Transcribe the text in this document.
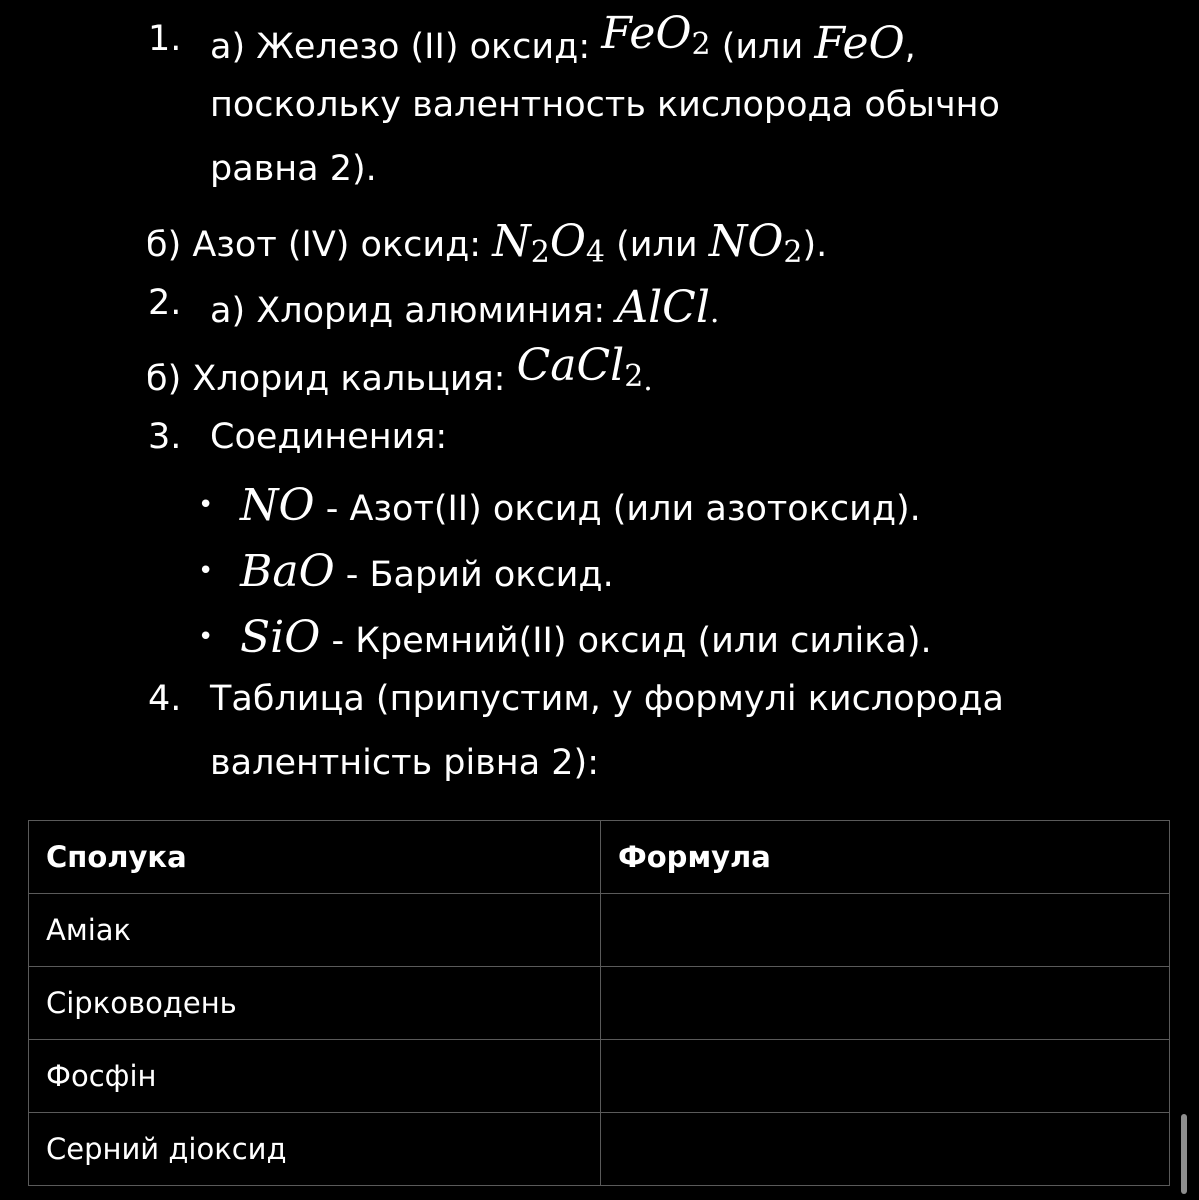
1. а) Железо (II) оксид: FeO2 (или FeO,
поскольку валентность кислорода обычно
равна 2).
б) Азот (IV) оксид: N2O4 (или NO2).
2. а) Хлорид алюминия: AlCl.
б) Хлорид кальция: CaCl2.
3. Соединения:
• NO - Азот(II) оксид (или азотоксид).
• BaO - Барий оксид.
• SiO - Кремний(II) оксид (или силіка).
4. Таблица (припустим, у формулі кислорода
валентність рівна 2):
Сполука	Формула
Аміак	
Сірководень	
Фосфін	
Серний діоксид	
